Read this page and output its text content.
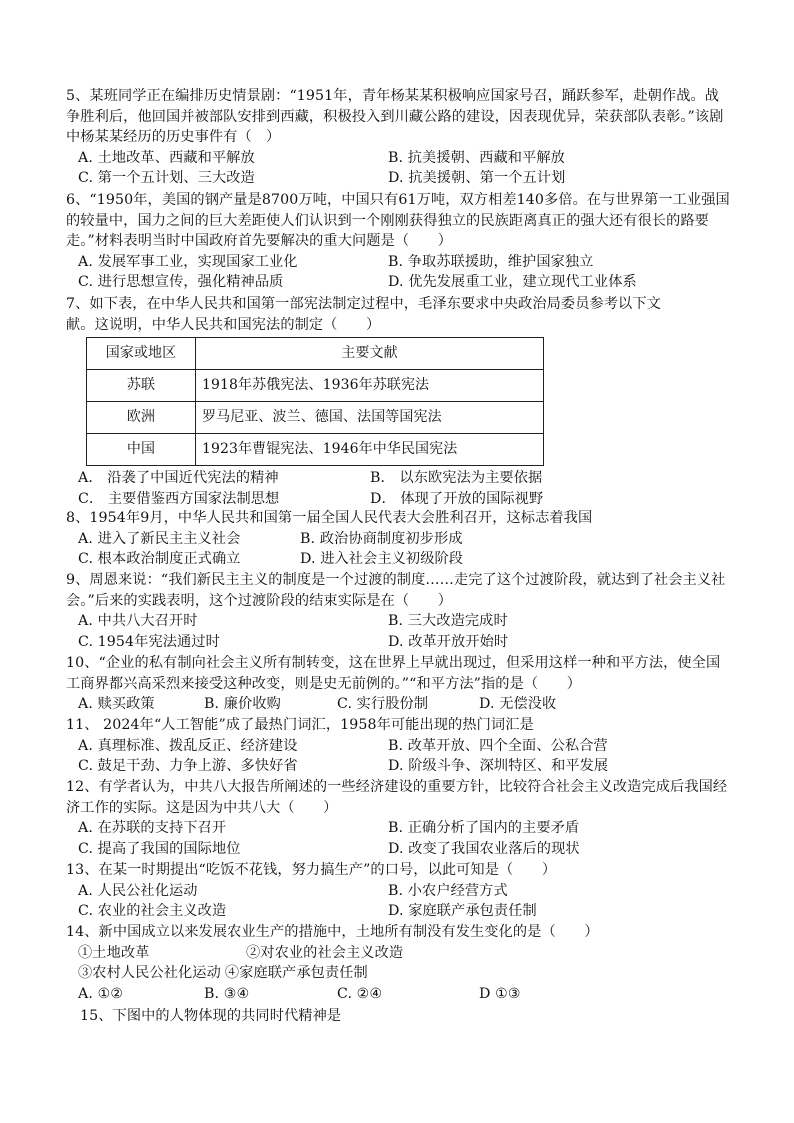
5、某班同学正在编排历史情景剧：“1951年，青年杨某某积极响应国家号召，踊跃参军，赴朝作战。战争胜利后，他回国并被部队安排到西藏，积极投入到川藏公路的建设，因表现优异，荣获部队表彰。”该剧中杨某某经历的历史事件有（　）

A. 土地改革、西藏和平解放	B. 抗美援朝、西藏和平解放
C. 第一个五计划、三大改造	D. 抗美援朝、第一个五计划

6、“1950年，美国的钢产量是8700万吨，中国只有61万吨，双方相差140多倍。在与世界第一工业强国的较量中，国力之间的巨大差距使人们认识到一个刚刚获得独立的民族距离真正的强大还有很长的路要走。”材料表明当时中国政府首先要解决的重大问题是（　　）

A. 发展军事工业，实现国家工业化	B. 争取苏联援助，维护国家独立
C. 进行思想宣传，强化精神品质	D. 优先发展重工业，建立现代工业体系

7、如下表，在中华人民共和国第一部宪法制定过程中，毛泽东要求中央政治局委员参考以下文

献。这说明，中华人民共和国宪法的制定（　　）

国家或地区	主要文献
苏联	1918年苏俄宪法、1936年苏联宪法
欧洲	罗马尼亚、波兰、德国、法国等国宪法
中国	1923年曹锟宪法、1946年中华民国宪法
A． 沿袭了中国近代宪法的精神	B． 以东欧宪法为主要依据
C． 主要借鉴西方国家法制思想	D． 体现了开放的国际视野

8、1954年9月，中华人民共和国第一届全国人民代表大会胜利召开，这标志着我国

A. 进入了新民主主义社会	B. 政治协商制度初步形成
C. 根本政治制度正式确立	D. 进入社会主义初级阶段

9、周恩来说：“我们新民主主义的制度是一个过渡的制度……走完了这个过渡阶段，就达到了社会主义社会。”后来的实践表明，这个过渡阶段的结束实际是在（　　）

A. 中共八大召开时	B. 三大改造完成时
C. 1954年宪法通过时	D. 改革开放开始时

10、“企业的私有制向社会主义所有制转变，这在世界上早就出现过，但采用这样一种和平方法，使全国工商界都兴高采烈来接受这种改变，则是史无前例的。”“和平方法”指的是（　　）

A. 赎买政策	B. 廉价收购	C. 实行股份制	D. 无偿没收

11、 2024年“人工智能”成了最热门词汇，1958年可能出现的热门词汇是

A. 真理标准、拨乱反正、经济建设	B. 改革开放、四个全面、公私合营
C. 鼓足干劲、力争上游、多快好省	D. 阶级斗争、深圳特区、和平发展

12、有学者认为，中共八大报告所阐述的一些经济建设的重要方针，比较符合社会主义改造完成后我国经济工作的实际。这是因为中共八大（　　）

A. 在苏联的支持下召开	B. 正确分析了国内的主要矛盾
C. 提高了我国的国际地位	D. 改变了我国农业落后的现状

13、在某一时期提出“吃饭不花钱，努力搞生产”的口号，以此可知是（　　）

A. 人民公社化运动	B. 小农户经营方式
C. 农业的社会主义改造	D. 家庭联产承包责任制

14、新中国成立以来发展农业生产的措施中，土地所有制没有发生变化的是（　　）

①土地改革	②对农业的社会主义改造
③农村人民公社化运动 ④家庭联产承包责任制
A. ①②	B. ③④	C. ②④	D ①③

15、下图中的人物体现的共同时代精神是
